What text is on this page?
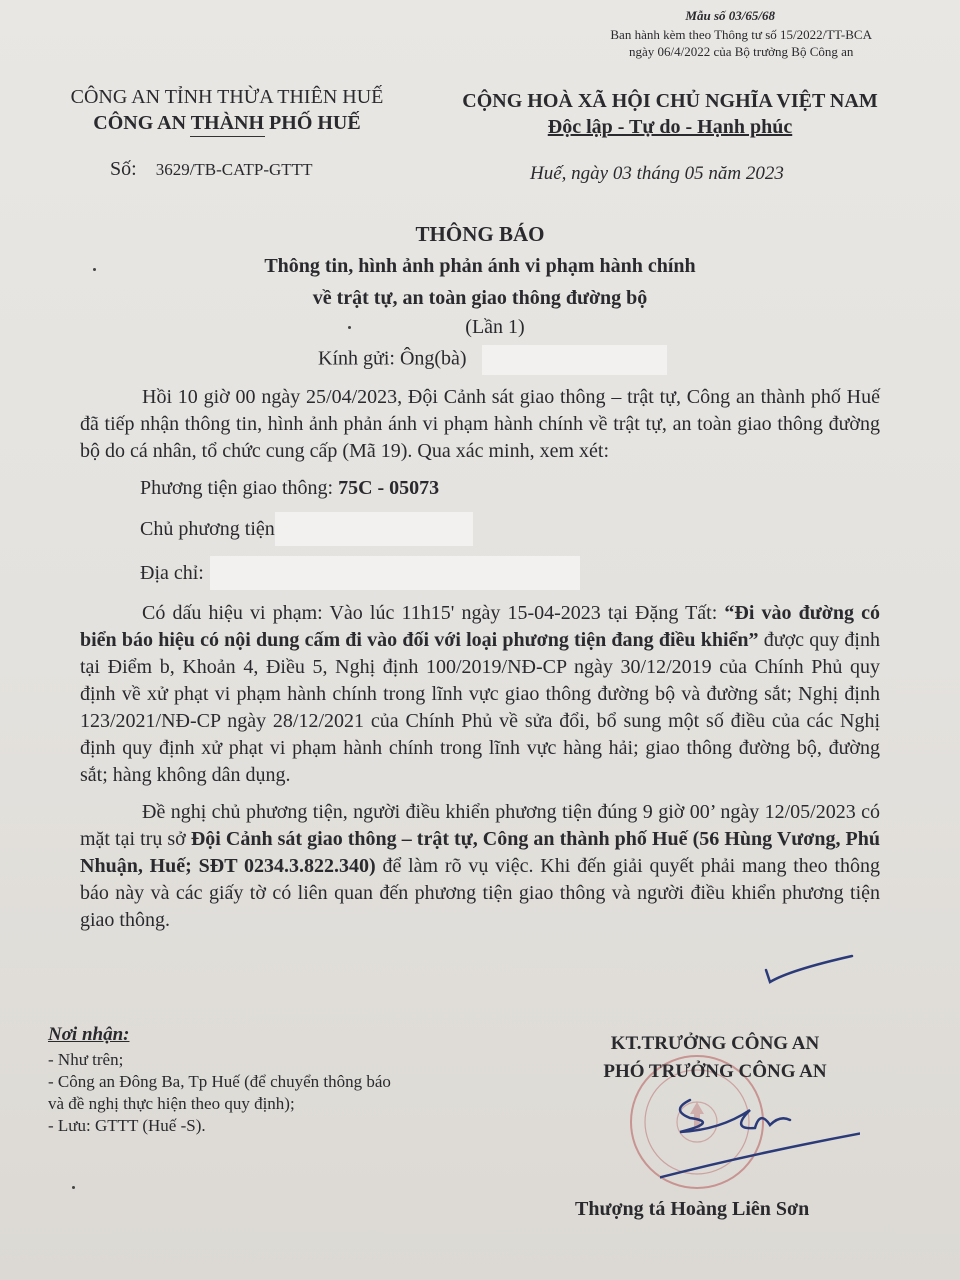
Mẫu số 03/65/68
Ban hành kèm theo Thông tư số 15/2022/TT-BCA
ngày 06/4/2022 của Bộ trưởng Bộ Công an
CÔNG AN TỈNH THỪA THIÊN HUẾ
CÔNG AN THÀNH PHỐ HUẾ
CỘNG HOÀ XÃ HỘI CHỦ NGHĨA VIỆT NAM
Độc lập - Tự do - Hạnh phúc
Số: 3629/TB-CATP-GTTT	Huế, ngày 03 tháng 05 năm 2023
THÔNG BÁO
Thông tin, hình ảnh phản ánh vi phạm hành chính
về trật tự, an toàn giao thông đường bộ
(Lần 1)
Kính gửi: Ông(bà)

Hồi 10 giờ 00 ngày 25/04/2023, Đội Cảnh sát giao thông – trật tự, Công an thành phố Huế đã tiếp nhận thông tin, hình ảnh phản ánh vi phạm hành chính về trật tự, an toàn giao thông đường bộ do cá nhân, tổ chức cung cấp (Mã 19). Qua xác minh, xem xét:

Phương tiện giao thông: 75C - 05073

Chủ phương tiện

Địa chỉ:

Có dấu hiệu vi phạm: Vào lúc 11h15' ngày 15-04-2023 tại Đặng Tất: “Đi vào đường có biển báo hiệu có nội dung cấm đi vào đối với loại phương tiện đang điều khiển” được quy định tại Điểm b, Khoản 4, Điều 5, Nghị định 100/2019/NĐ-CP ngày 30/12/2019 của Chính Phủ quy định về xử phạt vi phạm hành chính trong lĩnh vực giao thông đường bộ và đường sắt; Nghị định 123/2021/NĐ-CP ngày 28/12/2021 của Chính Phủ về sửa đổi, bổ sung một số điều của các Nghị định quy định xử phạt vi phạm hành chính trong lĩnh vực hàng hải; giao thông đường bộ, đường sắt; hàng không dân dụng.

Đề nghị chủ phương tiện, người điều khiển phương tiện đúng 9 giờ 00’ ngày 12/05/2023 có mặt tại trụ sở Đội Cảnh sát giao thông – trật tự, Công an thành phố Huế (56 Hùng Vương, Phú Nhuận, Huế; SĐT 0234.3.822.340) để làm rõ vụ việc. Khi đến giải quyết phải mang theo thông báo này và các giấy tờ có liên quan đến phương tiện giao thông và người điều khiển phương tiện giao thông.

Nơi nhận:
- Như trên;
- Công an Đông Ba, Tp Huế (để chuyển thông báo
và đề nghị thực hiện theo quy định);
- Lưu: GTTT (Huế -S).
KT.TRƯỞNG CÔNG AN
PHÓ TRƯỞNG CÔNG AN
Thượng tá Hoàng Liên Sơn
